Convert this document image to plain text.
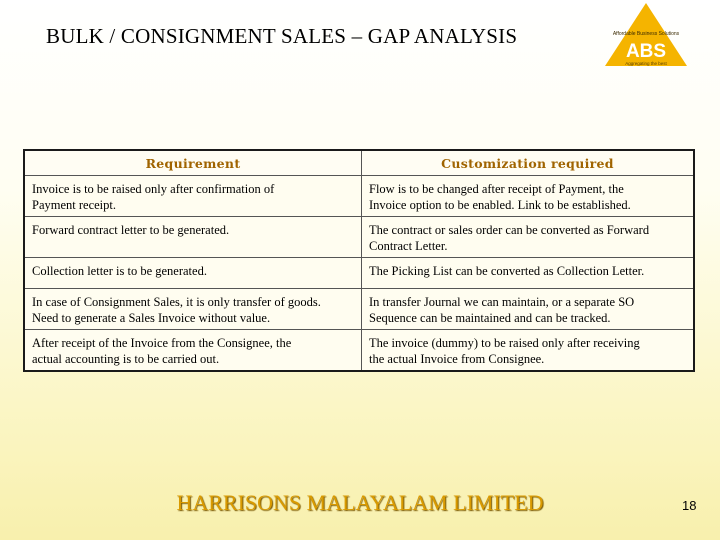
BULK / CONSIGNMENT SALES – GAP ANALYSIS	Affordable Business Solutions
ABS
Aggregating the best
Requirement	Customization required
Invoice is to be raised only after confirmation of
Payment receipt.	Flow is to be changed after receipt of Payment, the
Invoice option to be enabled. Link to be established.
Forward contract letter to be generated.	The contract or sales order can be converted as Forward
Contract Letter.
Collection letter is to be generated.	The Picking List can be converted as Collection Letter.
In case of Consignment Sales, it is only transfer of goods.
Need to generate a Sales Invoice without value.	In transfer Journal we can maintain, or a separate SO
Sequence can be maintained and can be tracked.
After receipt of the Invoice from the Consignee, the
actual accounting is to be carried out.	The invoice (dummy) to be raised only after receiving
the actual Invoice from Consignee.
HARRISONS MALAYALAM LIMITED	18
